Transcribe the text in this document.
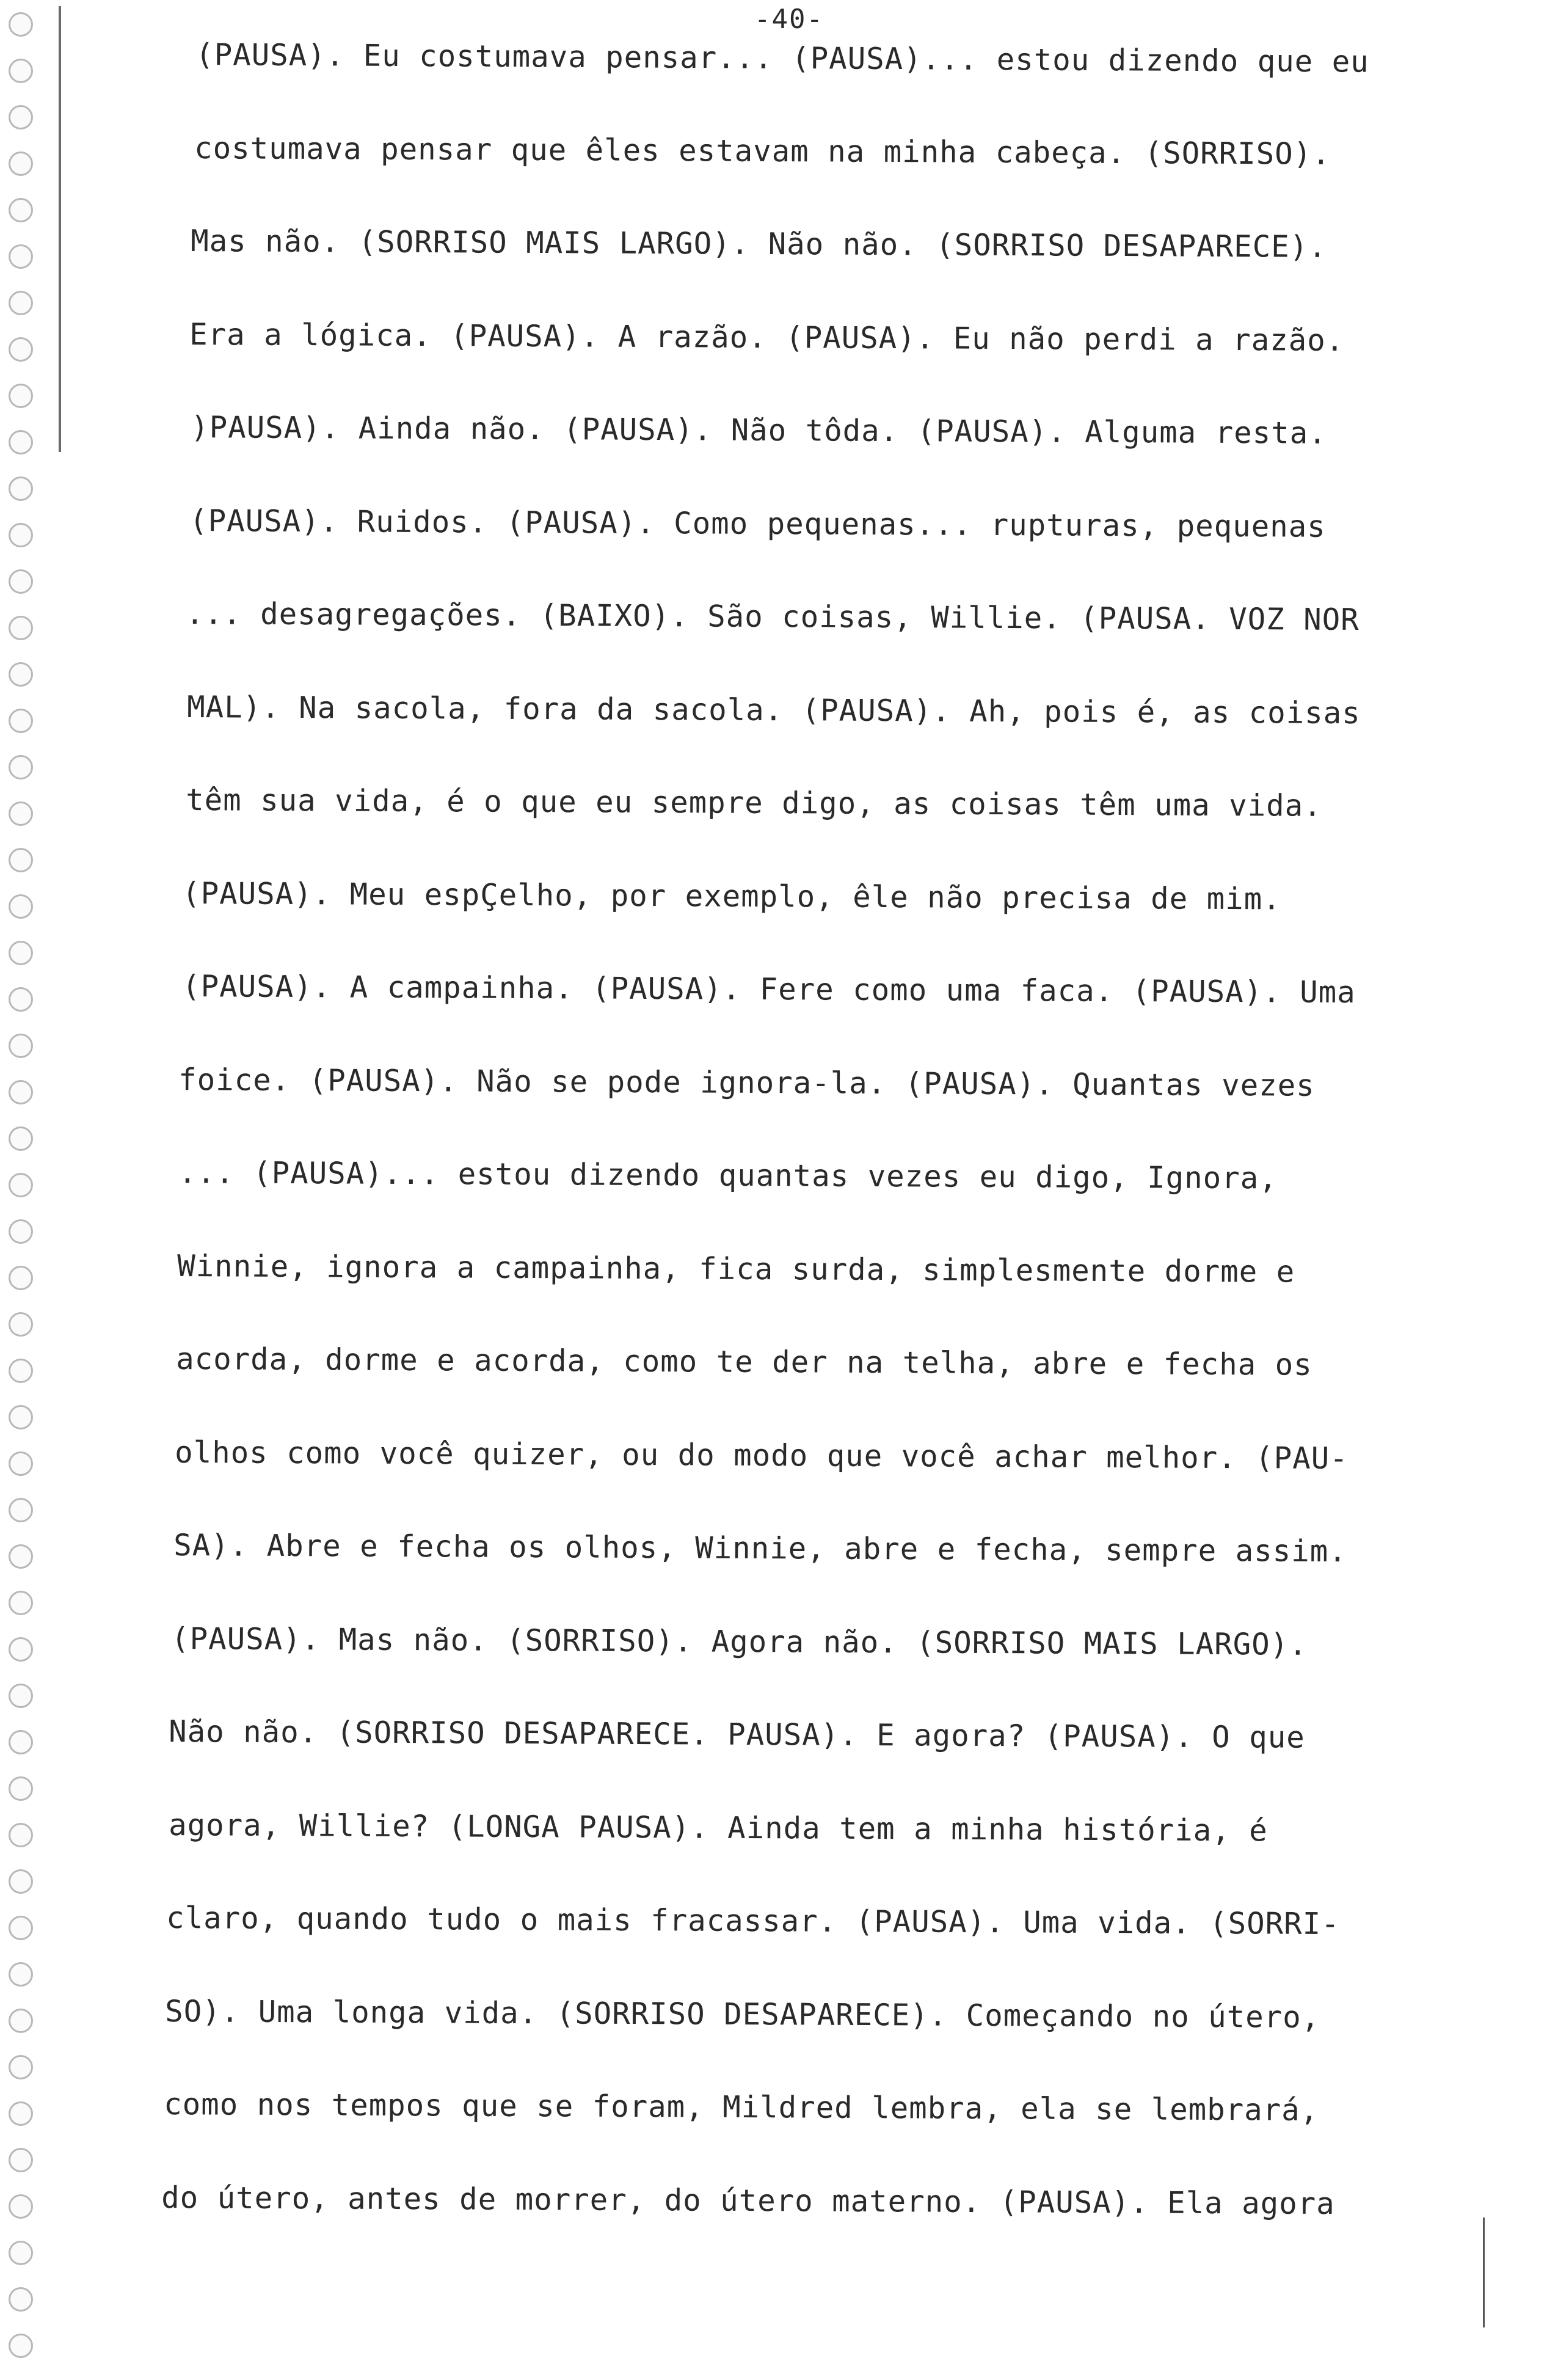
-40-
(PAUSA). Eu costumava pensar... (PAUSA)... estou dizendo que eu
costumava pensar que êles estavam na minha cabeça. (SORRISO).
Mas não. (SORRISO MAIS LARGO). Não não. (SORRISO DESAPARECE).
Era a lógica. (PAUSA). A razão. (PAUSA). Eu não perdi a razão.
)PAUSA). Ainda não. (PAUSA). Não tôda. (PAUSA). Alguma resta.
(PAUSA). Ruidos. (PAUSA). Como pequenas... rupturas, pequenas
... desagregações. (BAIXO). São coisas, Willie. (PAUSA. VOZ NOR
MAL). Na sacola, fora da sacola. (PAUSA). Ah, pois é, as coisas
têm sua vida, é o que eu sempre digo, as coisas têm uma vida.
(PAUSA). Meu espÇelho, por exemplo, êle não precisa de mim.
(PAUSA). A campainha. (PAUSA). Fere como uma faca. (PAUSA). Uma
foice. (PAUSA). Não se pode ignora-la. (PAUSA). Quantas vezes
... (PAUSA)... estou dizendo quantas vezes eu digo, Ignora,
Winnie, ignora a campainha, fica surda, simplesmente dorme e
acorda, dorme e acorda, como te der na telha, abre e fecha os
olhos como você quizer, ou do modo que você achar melhor. (PAU-
SA). Abre e fecha os olhos, Winnie, abre e fecha, sempre assim.
(PAUSA). Mas não. (SORRISO). Agora não. (SORRISO MAIS LARGO).
Não não. (SORRISO DESAPARECE. PAUSA). E agora? (PAUSA). O que
agora, Willie? (LONGA PAUSA). Ainda tem a minha história, é
claro, quando tudo o mais fracassar. (PAUSA). Uma vida. (SORRI-
SO). Uma longa vida. (SORRISO DESAPARECE). Começando no útero,
como nos tempos que se foram, Mildred lembra, ela se lembrará,
do útero, antes de morrer, do útero materno. (PAUSA). Ela agora
